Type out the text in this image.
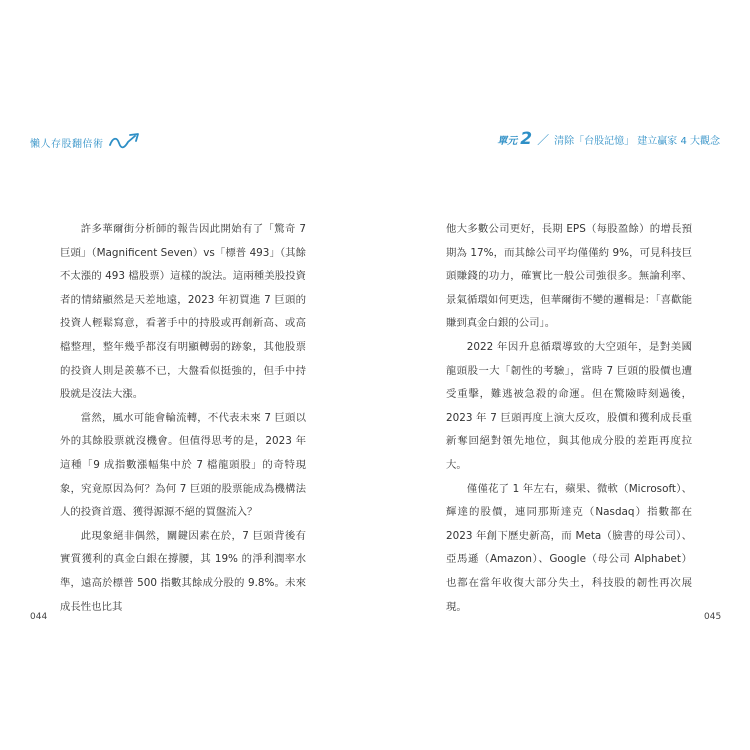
懶人存股翻倍術	單元 2 ／ 清除「台股記憶」 建立贏家 4 大觀念

許多華爾街分析師的報告因此開始有了「驚奇 7 巨頭」（Magnificent Seven）vs「標普 493」（其餘不太漲的 493 檔股票）這樣的說法。這兩種美股投資者的情緒顯然是天差地遠，2023 年初買進 7 巨頭的投資人輕鬆寫意，看著手中的持股或再創新高、或高檔整理，整年幾乎都沒有明顯轉弱的跡象，其他股票的投資人則是羨慕不已，大盤看似挺強的，但手中持股就是沒法大漲。

當然，風水可能會輪流轉，不代表未來 7 巨頭以外的其餘股票就沒機會。但值得思考的是，2023 年這種「9 成指數漲幅集中於 7 檔龍頭股」的奇特現象，究竟原因為何？為何 7 巨頭的股票能成為機構法人的投資首選、獲得源源不絕的買盤流入？

此現象絕非偶然，關鍵因素在於，7 巨頭背後有實質獲利的真金白銀在撐腰，其 19% 的淨利潤率水準，遠高於標普 500 指數其餘成分股的 9.8%。未來成長性也比其

他大多數公司更好，長期 EPS（每股盈餘）的增長預期為 17%，而其餘公司平均僅僅約 9%，可見科技巨頭賺錢的功力，確實比一般公司強很多。無論利率、景氣循環如何更迭，但華爾街不變的邏輯是：「喜歡能賺到真金白銀的公司」。

2022 年因升息循環導致的大空頭年，是對美國龍頭股一大「韌性的考驗」，當時 7 巨頭的股價也遭受重擊，難逃被急殺的命運。但在驚險時刻過後，2023 年 7 巨頭再度上演大反攻，股價和獲利成長重新奪回絕對領先地位，與其他成分股的差距再度拉大。

僅僅花了 1 年左右，蘋果、微軟（Microsoft）、輝達的股價，連同那斯達克（Nasdaq）指數都在 2023 年創下歷史新高，而 Meta（臉書的母公司）、亞馬遜（Amazon）、Google（母公司 Alphabet）也都在當年收復大部分失土，科技股的韌性再次展現。

044	045
